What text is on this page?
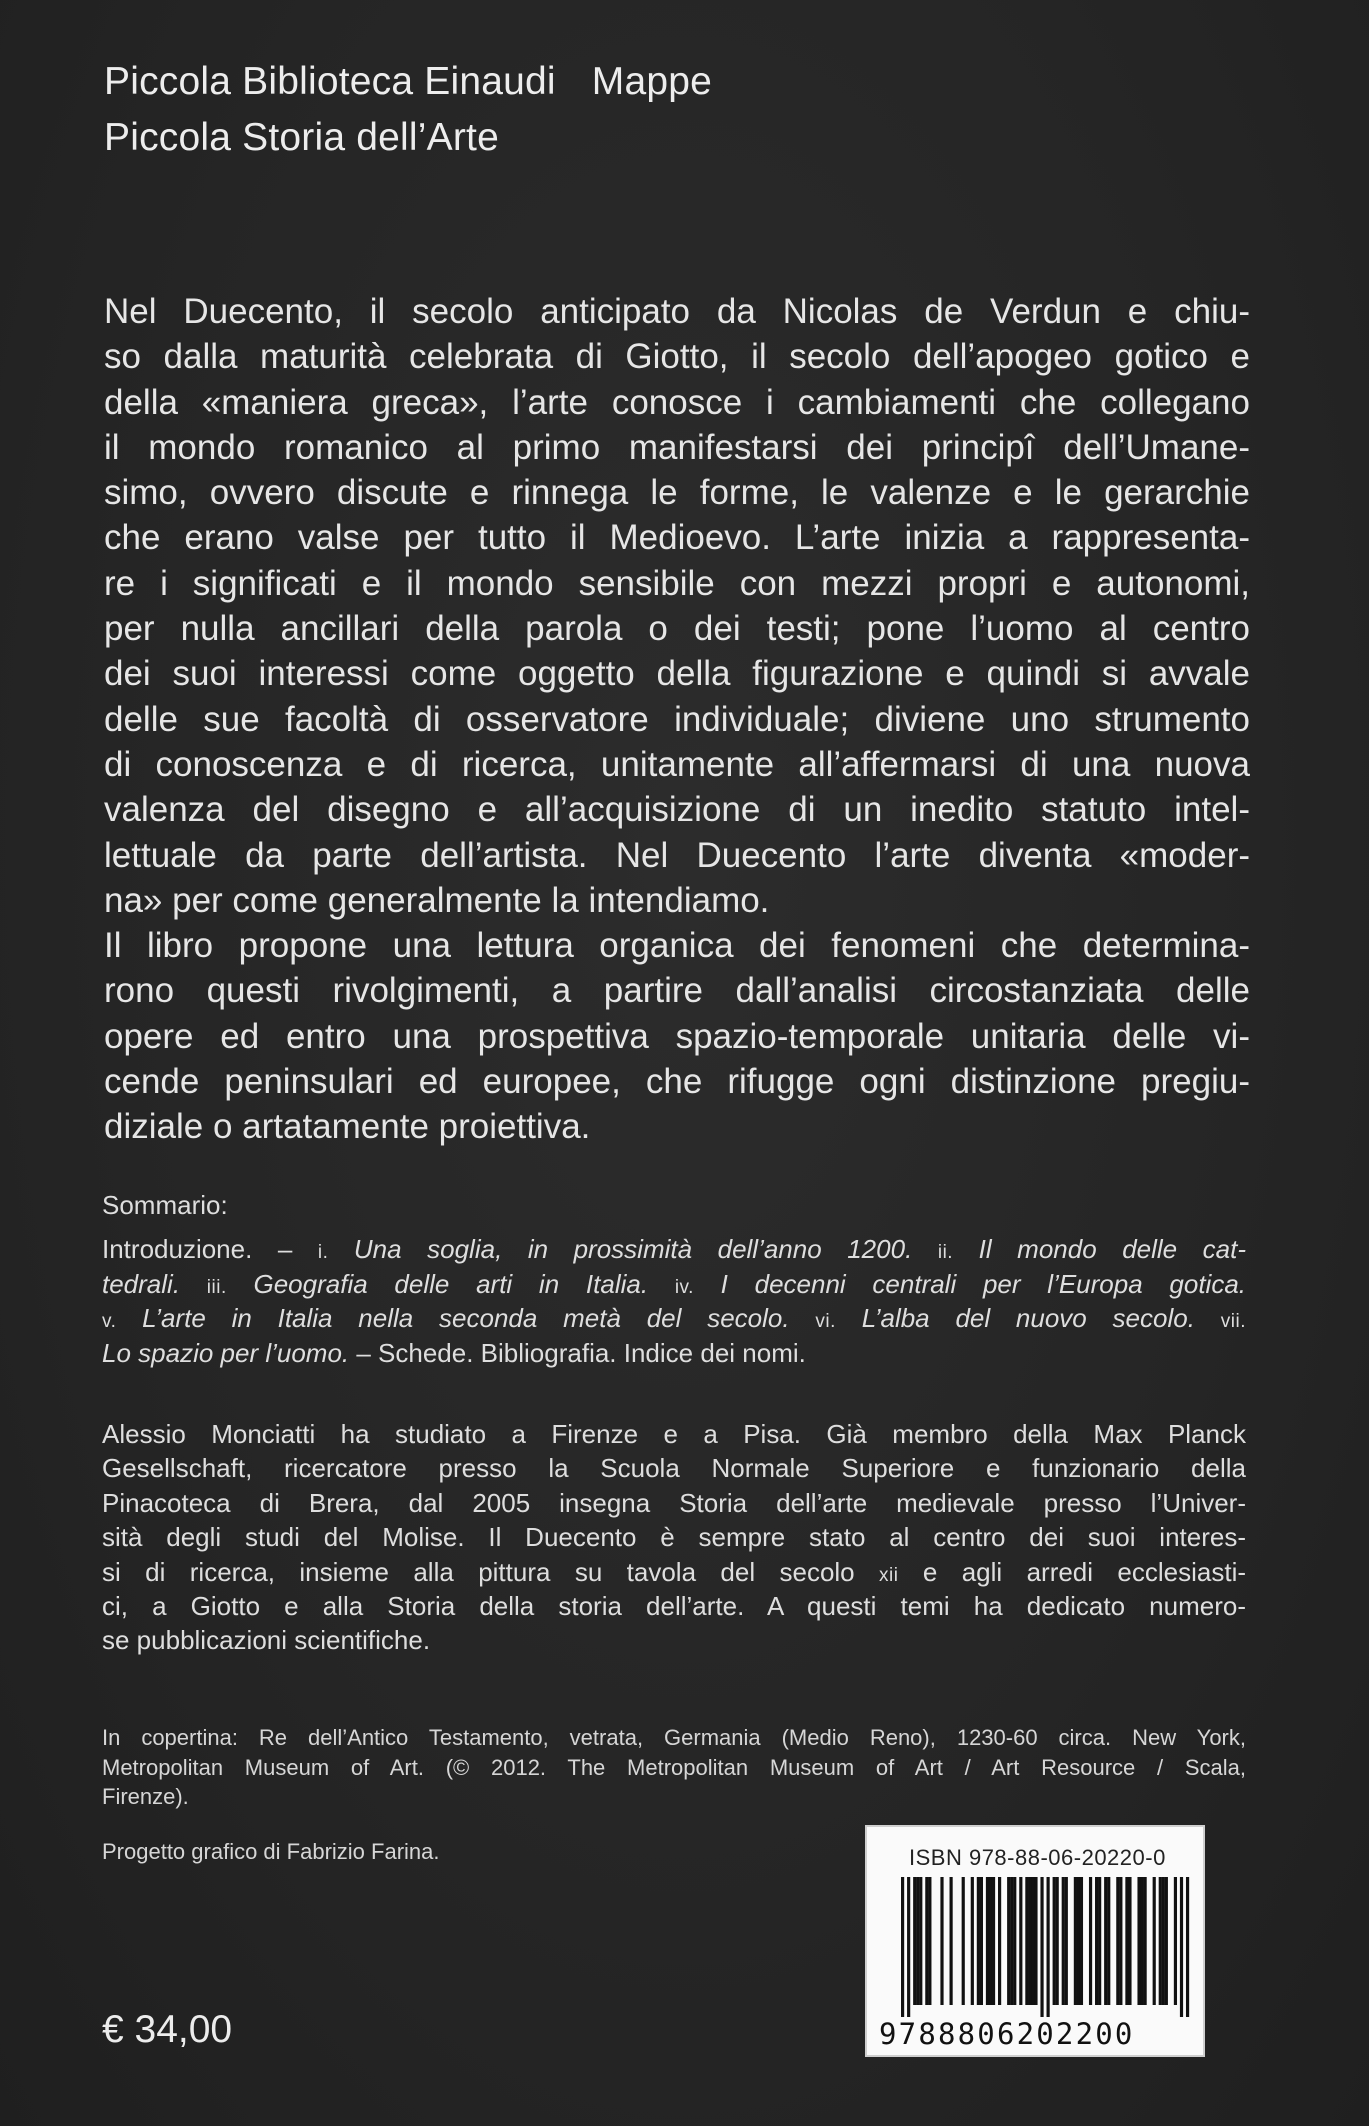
Piccola Biblioteca Einaudi Mappe
Piccola Storia dell’Arte
Nel Duecento, il secolo anticipato da Nicolas de Verdun e chiu-
so dalla maturità celebrata di Giotto, il secolo dell’apogeo gotico e
della «maniera greca», l’arte conosce i cambiamenti che collegano
il mondo romanico al primo manifestarsi dei principî dell’Umane-
simo, ovvero discute e rinnega le forme, le valenze e le gerarchie
che erano valse per tutto il Medioevo. L’arte inizia a rappresenta-
re i significati e il mondo sensibile con mezzi propri e autonomi,
per nulla ancillari della parola o dei testi; pone l’uomo al centro
dei suoi interessi come oggetto della figurazione e quindi si avvale
delle sue facoltà di osservatore individuale; diviene uno strumento
di conoscenza e di ricerca, unitamente all’affermarsi di una nuova
valenza del disegno e all’acquisizione di un inedito statuto intel-
lettuale da parte dell’artista. Nel Duecento l’arte diventa «moder-
na» per come generalmente la intendiamo.
Il libro propone una lettura organica dei fenomeni che determina-
rono questi rivolgimenti, a partire dall’analisi circostanziata delle
opere ed entro una prospettiva spazio-temporale unitaria delle vi-
cende peninsulari ed europee, che rifugge ogni distinzione pregiu-
diziale o artatamente proiettiva.
Sommario:
Introduzione. – i. Una soglia, in prossimità dell’anno 1200. ii. Il mondo delle cat-
tedrali. iii. Geografia delle arti in Italia. iv. I decenni centrali per l’Europa gotica.
v. L’arte in Italia nella seconda metà del secolo. vi. L’alba del nuovo secolo. vii.
Lo spazio per l’uomo. – Schede. Bibliografia. Indice dei nomi.
Alessio Monciatti ha studiato a Firenze e a Pisa. Già membro della Max Planck
Gesellschaft, ricercatore presso la Scuola Normale Superiore e funzionario della
Pinacoteca di Brera, dal 2005 insegna Storia dell’arte medievale presso l’Univer-
sità degli studi del Molise. Il Duecento è sempre stato al centro dei suoi interes-
si di ricerca, insieme alla pittura su tavola del secolo xii e agli arredi ecclesiasti-
ci, a Giotto e alla Storia della storia dell’arte. A questi temi ha dedicato numero-
se pubblicazioni scientifiche.
In copertina: Re dell’Antico Testamento, vetrata, Germania (Medio Reno), 1230-60 circa. New York,
Metropolitan Museum of Art. (© 2012. The Metropolitan Museum of Art / Art Resource / Scala,
Firenze).
Progetto grafico di Fabrizio Farina.
€ 34,00
ISBN 978-88-06-20220-0
9788806202200
